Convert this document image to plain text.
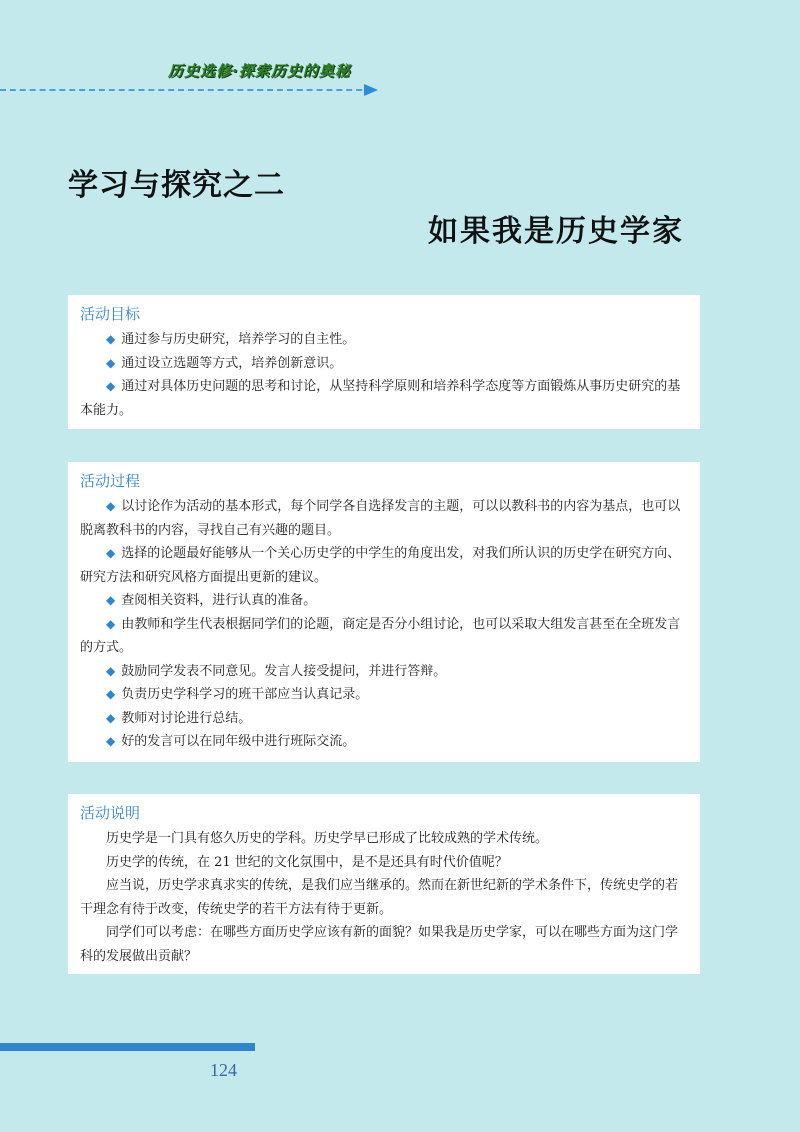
历史选修·探索历史的奥秘
学习与探究之二
如果我是历史学家
活动目标

◆ 通过参与历史研究，培养学习的自主性。

◆ 通过设立选题等方式，培养创新意识。

◆ 通过对具体历史问题的思考和讨论，从坚持科学原则和培养科学态度等方面锻炼从事历史研究的基本能力。

活动过程

◆ 以讨论作为活动的基本形式，每个同学各自选择发言的主题，可以以教科书的内容为基点，也可以脱离教科书的内容，寻找自己有兴趣的题目。

◆ 选择的论题最好能够从一个关心历史学的中学生的角度出发，对我们所认识的历史学在研究方向、研究方法和研究风格方面提出更新的建议。

◆ 查阅相关资料，进行认真的准备。

◆ 由教师和学生代表根据同学们的论题，商定是否分小组讨论，也可以采取大组发言甚至在全班发言的方式。

◆ 鼓励同学发表不同意见。发言人接受提问，并进行答辩。

◆ 负责历史学科学习的班干部应当认真记录。

◆ 教师对讨论进行总结。

◆ 好的发言可以在同年级中进行班际交流。

活动说明

历史学是一门具有悠久历史的学科。历史学早已形成了比较成熟的学术传统。

历史学的传统，在 21 世纪的文化氛围中，是不是还具有时代价值呢？

应当说，历史学求真求实的传统，是我们应当继承的。然而在新世纪新的学术条件下，传统史学的若干理念有待于改变，传统史学的若干方法有待于更新。

同学们可以考虑：在哪些方面历史学应该有新的面貌？如果我是历史学家，可以在哪些方面为这门学科的发展做出贡献？

124
